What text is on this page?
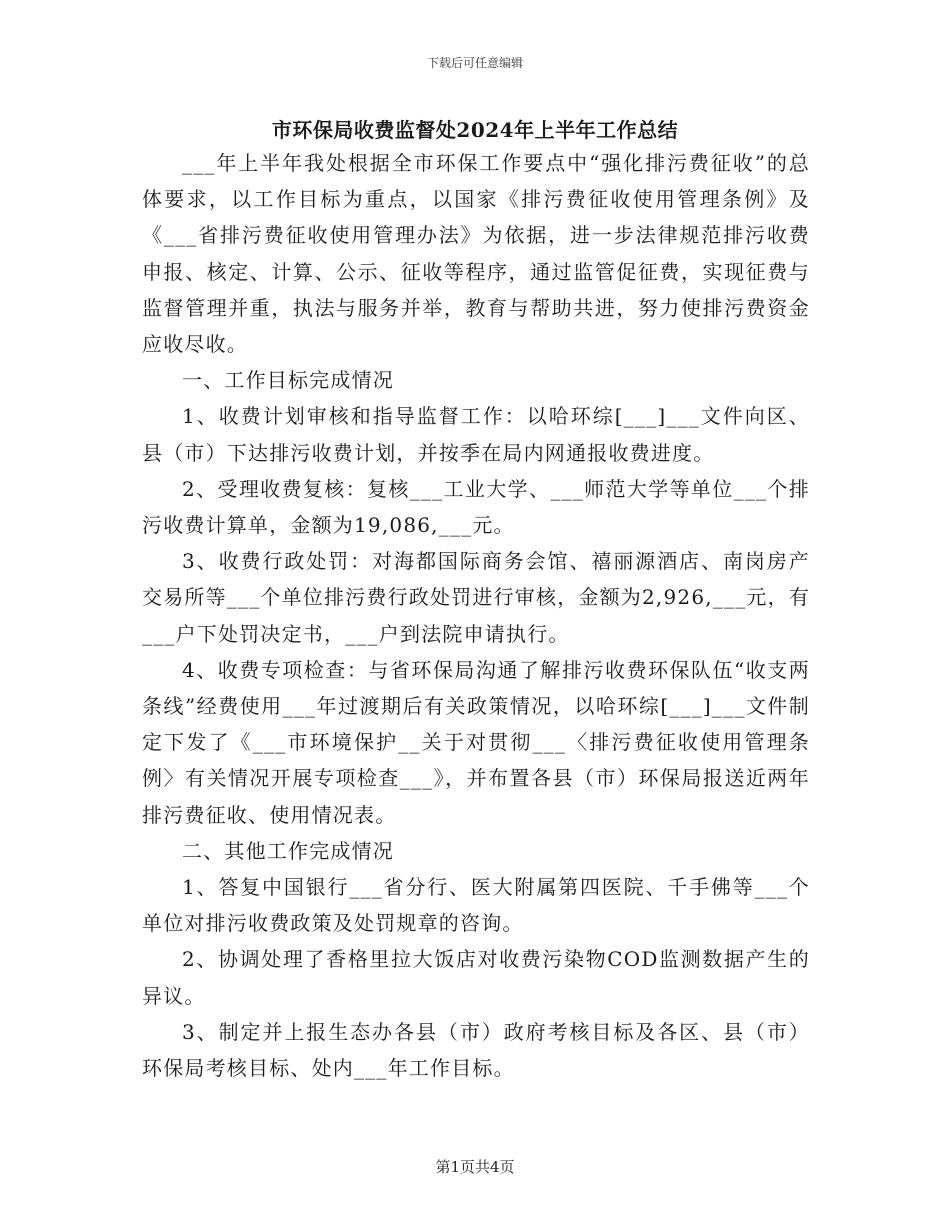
下载后可任意编辑
市环保局收费监督处2024年上半年工作总结

___年上半年我处根据全市环保工作要点中“强化排污费征收”的总体要求，以工作目标为重点，以国家《排污费征收使用管理条例》及《___省排污费征收使用管理办法》为依据，进一步法律规范排污收费申报、核定、计算、公示、征收等程序，通过监管促征费，实现征费与监督管理并重，执法与服务并举，教育与帮助共进，努力使排污费资金应收尽收。

一、工作目标完成情况

1、收费计划审核和指导监督工作：以哈环综[___]___文件向区、县（市）下达排污收费计划，并按季在局内网通报收费进度。

2、受理收费复核：复核___工业大学、___师范大学等单位___个排污收费计算单，金额为19,086,___元。

3、收费行政处罚：对海都国际商务会馆、禧丽源酒店、南岗房产交易所等___个单位排污费行政处罚进行审核，金额为2,926,___元，有___户下处罚决定书，___户到法院申请执行。

4、收费专项检查：与省环保局沟通了解排污收费环保队伍“收支两条线”经费使用___年过渡期后有关政策情况，以哈环综[___]___文件制定下发了《___市环境保护__关于对贯彻___〈排污费征收使用管理条例〉有关情况开展专项检查___》，并布置各县（市）环保局报送近两年排污费征收、使用情况表。

二、其他工作完成情况

1、答复中国银行___省分行、医大附属第四医院、千手佛等___个单位对排污收费政策及处罚规章的咨询。

2、协调处理了香格里拉大饭店对收费污染物COD监测数据产生的异议。

3、制定并上报生态办各县（市）政府考核目标及各区、县（市）环保局考核目标、处内___年工作目标。

第1页共4页
